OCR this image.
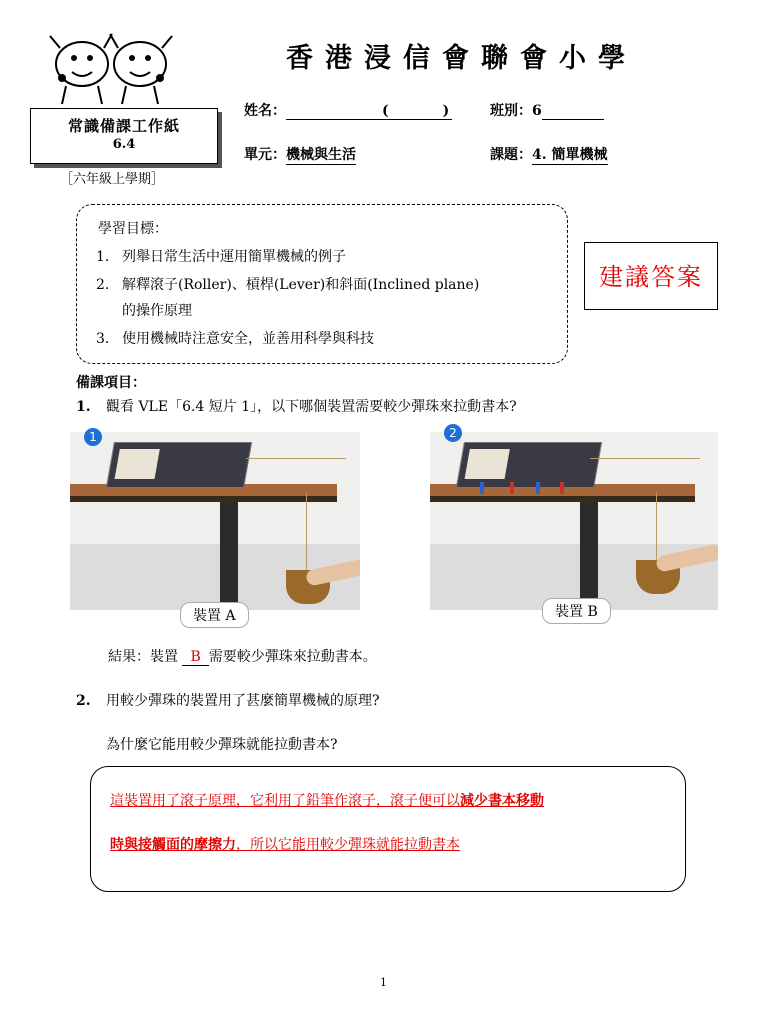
香港浸信會聯會小學
常識備課工作紙
6.4
［六年級上學期］
姓名：	(	)	班別：6
單元：機械與生活	課題：4. 簡單機械
學習目標：
1. 列舉日常生活中運用簡單機械的例子
2. 解釋滾子(Roller)、槓桿(Lever)和斜面(Inclined plane)
的操作原理
3. 使用機械時注意安全，並善用科學與科技
建議答案
備課項目：
1. 觀看 VLE「6.4 短片 1」，以下哪個裝置需要較少彈珠來拉動書本?
1
裝置 A
2
裝置 B
結果：裝置 B 需要較少彈珠來拉動書本。
2. 用較少彈珠的裝置用了甚麼簡單機械的原理?
為什麼它能用較少彈珠就能拉動書本?
這裝置用了滾子原理，它利用了鉛筆作滾子，滾子便可以減少書本移動
時與接觸面的摩擦力，所以它能用較少彈珠就能拉動書本
1
